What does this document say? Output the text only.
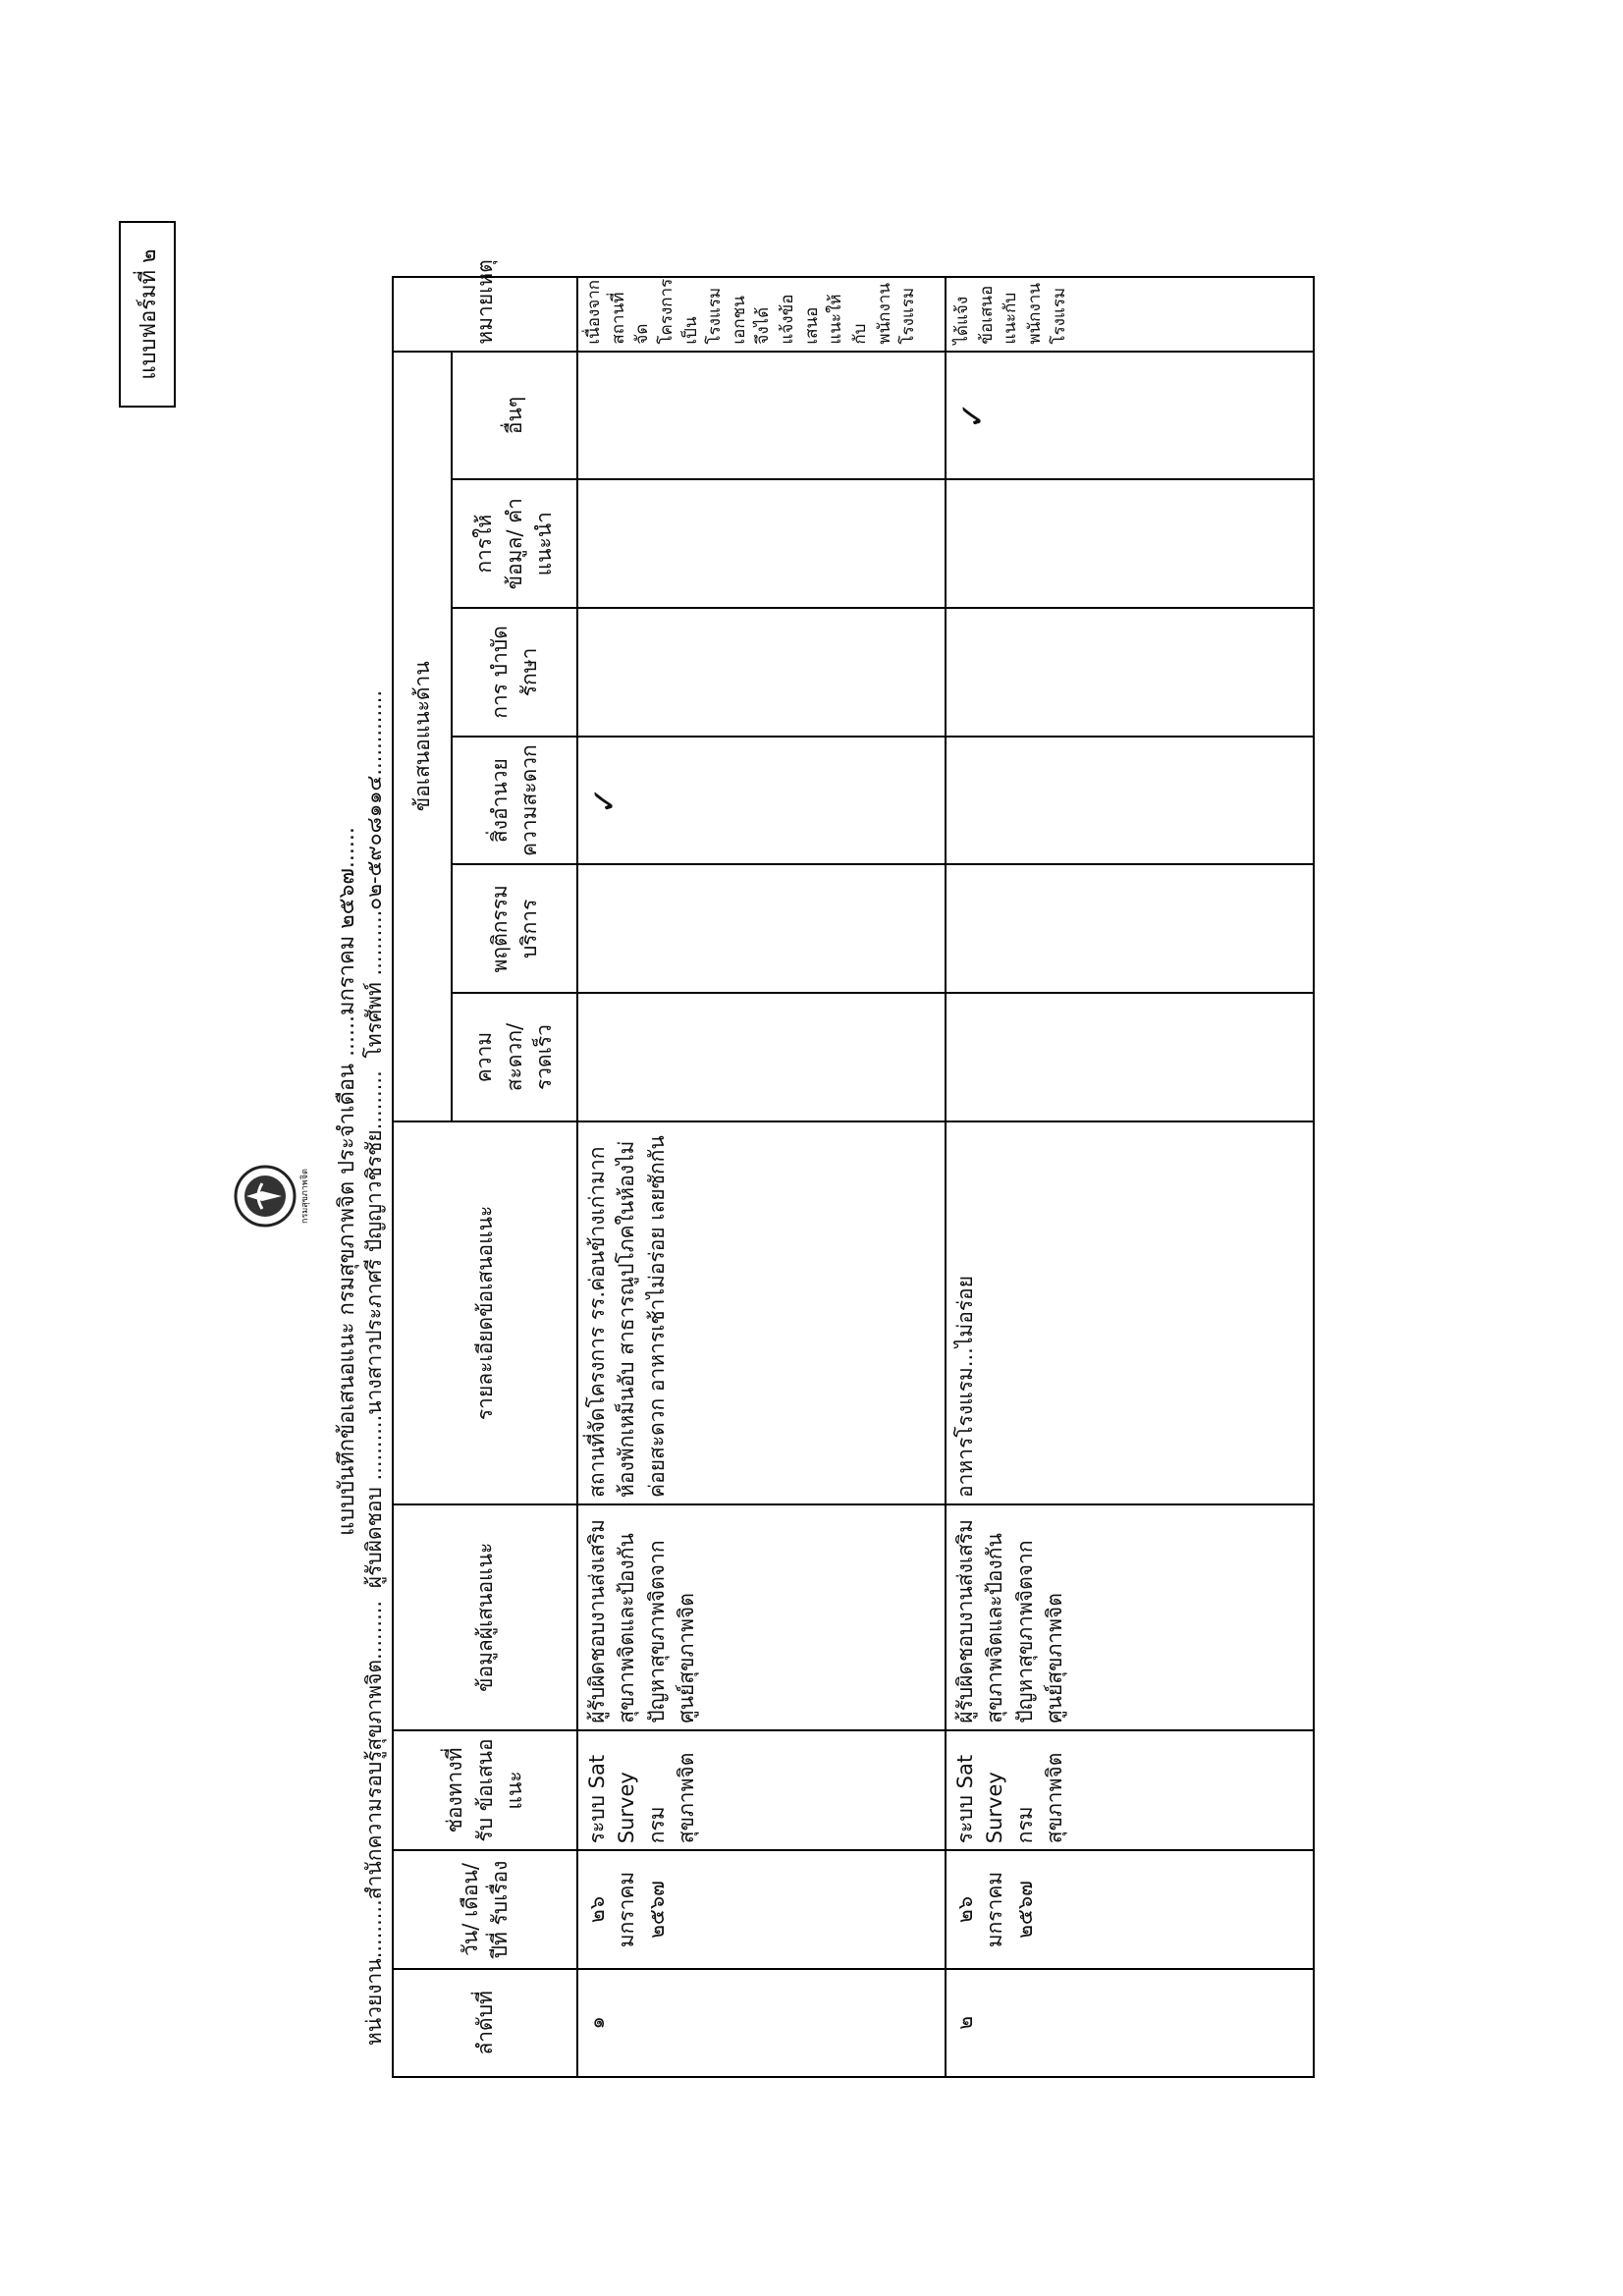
แบบฟอร์มที่ ๒
กรมสุขภาพจิต แบบบันทึกข้อเสนอแนะ กรมสุขภาพจิต ประจำเดือน ......มกราคม ๒๕๖๗......
หน่วยงาน.........สำนักความรอบรู้สุขภาพจิต......... ผู้รับผิดชอบ ..........นางสาวประภาศรี ปัญญาวชิรชัย......... โทรศัพท์ ..........๐๒-๕๙๐๘๑๑๔.............
ลำดับที่	วัน/ เดือน/ปีที่ รับเรื่อง	ช่องทางที่ รับ ข้อเสนอแนะ	ข้อมูลผู้เสนอแนะ	รายละเอียดข้อเสนอแนะ	ข้อเสนอแนะด้าน						หมายเหตุ
					ความ สะดวก/ รวดเร็ว	พฤติกรรม บริการ	สิ่งอำนวย ความสะดวก	การ บำบัดรักษา	การให้ ข้อมูล/ คำแนะนำ	อื่นๆ	
๑	๒๖ มกราคม ๒๕๖๗	ระบบ Sat Survey กรม สุขภาพจิต	ผู้รับผิดชอบงานส่งเสริม สุขภาพจิตและป้องกัน ปัญหาสุขภาพจิตจาก ศูนย์สุขภาพจิต	สถานที่จัดโครงการ รร.ค่อนข้างเก่ามาก ห้องพักเหม็นอับ สาธารณูปโภคในห้องไม่ค่อยสะดวก อาหารเช้าไม่อร่อย เลยซักกัน			✓				เนื่องจากสถานที่จัดโครงการเป็นโรงแรมเอกชน จึงได้แจ้งข้อเสนอแนะให้กับพนักงานโรงแรม
๒	๒๖ มกราคม ๒๕๖๗	ระบบ Sat Survey กรม สุขภาพจิต	ผู้รับผิดชอบงานส่งเสริม สุขภาพจิตและป้องกัน ปัญหาสุขภาพจิตจาก ศูนย์สุขภาพจิต	อาหารโรงแรม...ไม่อร่อย						✓	ได้แจ้งข้อเสนอแนะกับพนักงานโรงแรม
